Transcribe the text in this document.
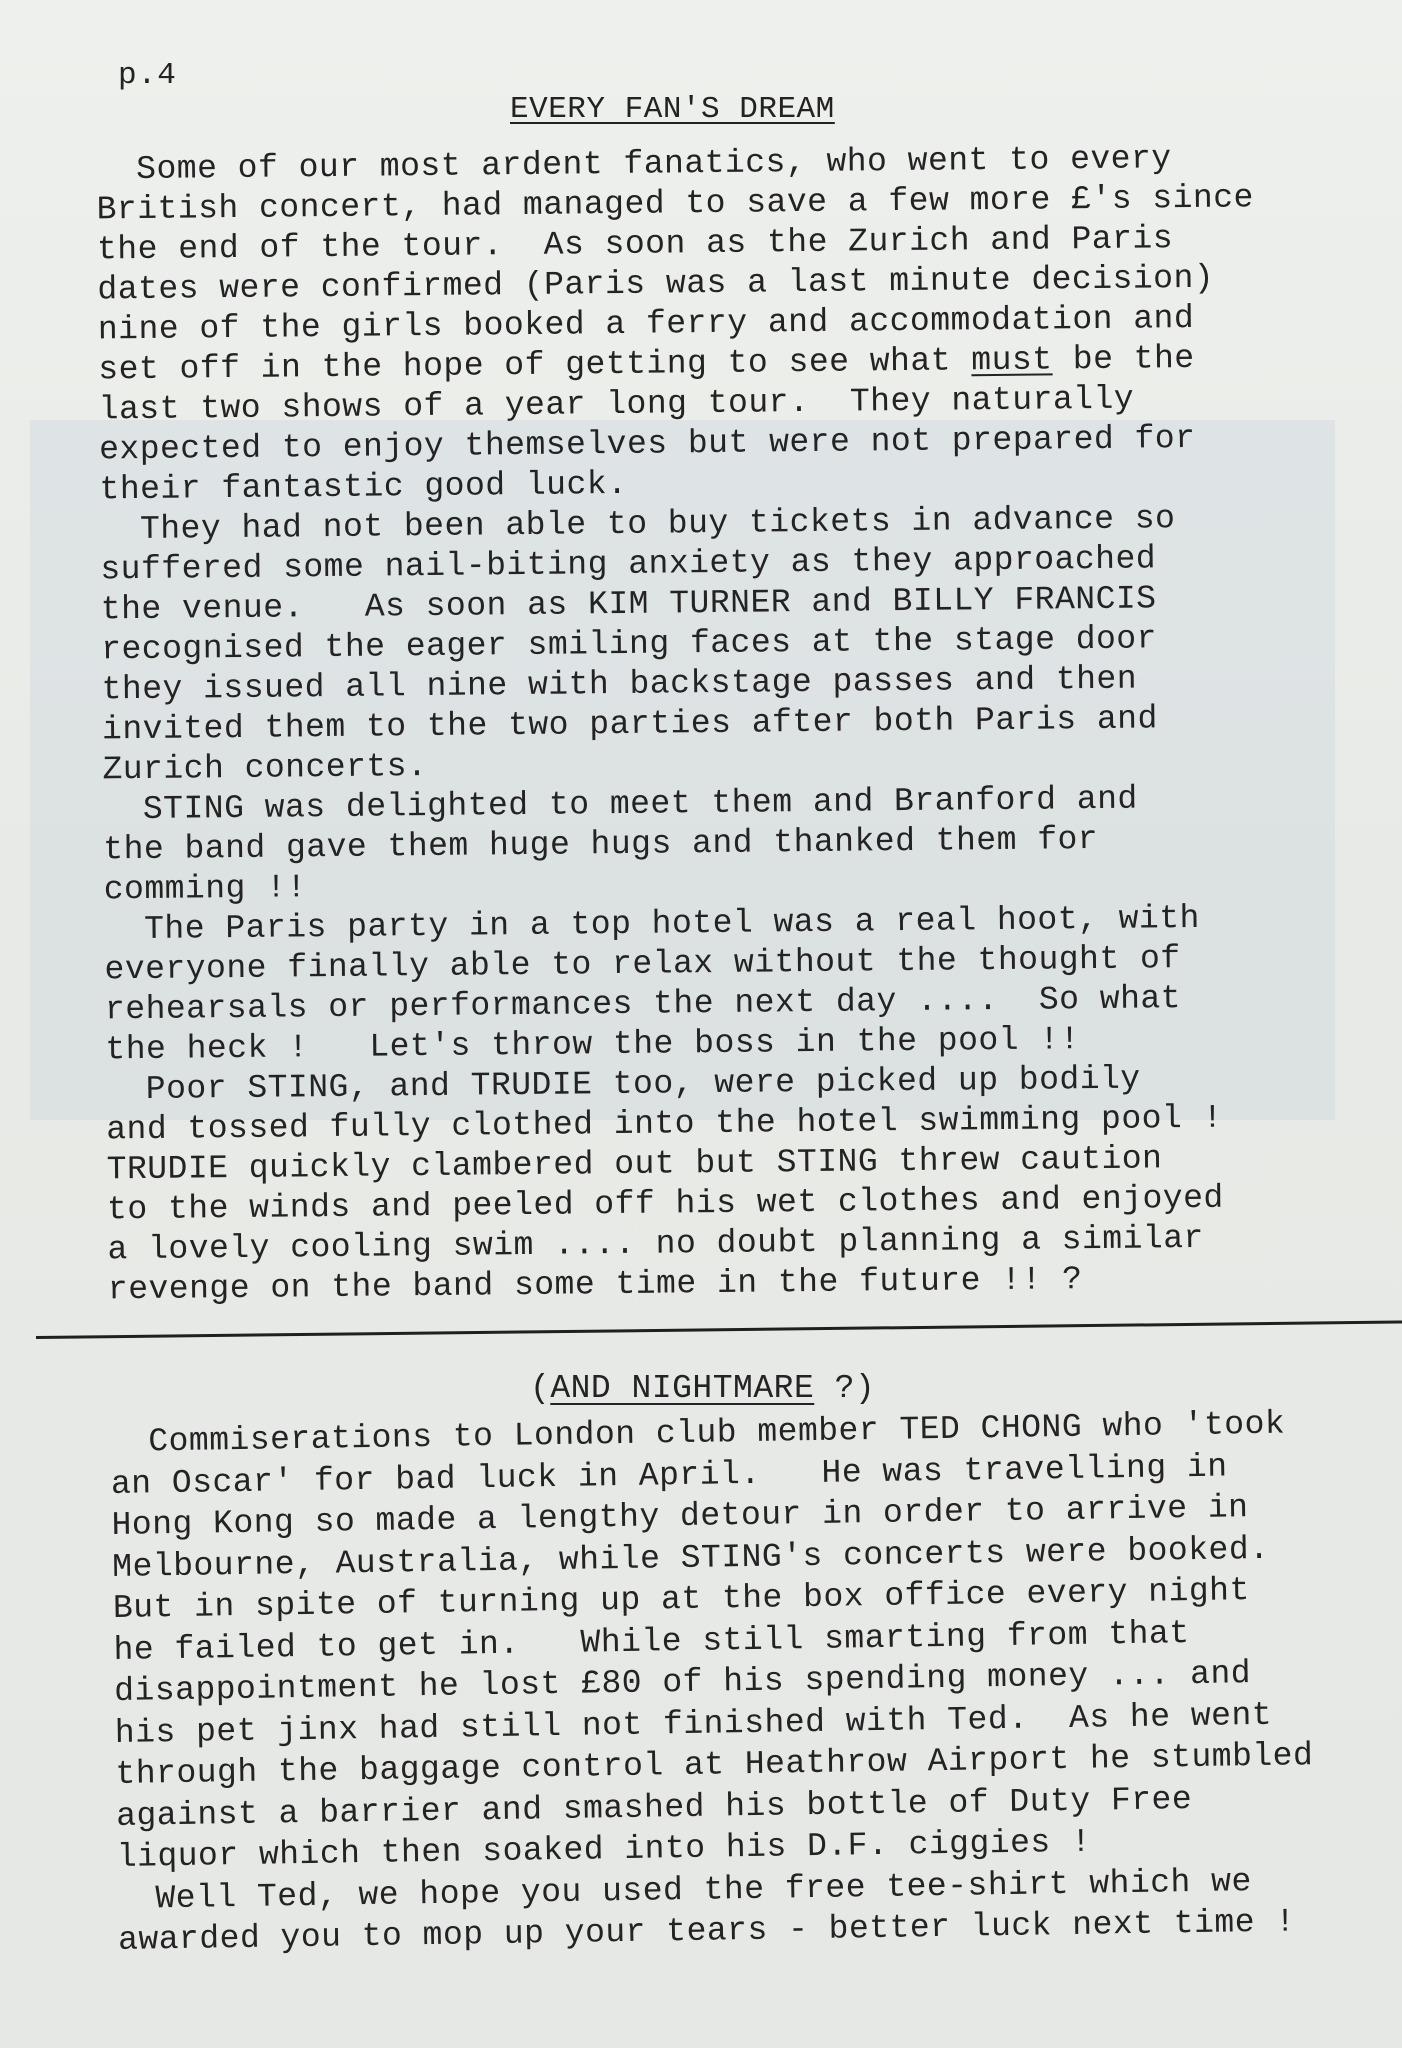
p.4
EVERY FAN'S DREAM
Some of our most ardent fanatics, who went to every
British concert, had managed to save a few more £'s since
the end of the tour.  As soon as the Zurich and Paris
dates were confirmed (Paris was a last minute decision)
nine of the girls booked a ferry and accommodation and
set off in the hope of getting to see what must be the
last two shows of a year long tour.  They naturally
expected to enjoy themselves but were not prepared for
their fantastic good luck.
They had not been able to buy tickets in advance so
suffered some nail-biting anxiety as they approached
the venue.   As soon as KIM TURNER and BILLY FRANCIS
recognised the eager smiling faces at the stage door
they issued all nine with backstage passes and then
invited them to the two parties after both Paris and
Zurich concerts.
STING was delighted to meet them and Branford and
the band gave them huge hugs and thanked them for
comming !!
The Paris party in a top hotel was a real hoot, with
everyone finally able to relax without the thought of
rehearsals or performances the next day ....  So what
the heck !   Let's throw the boss in the pool !!
Poor STING, and TRUDIE too, were picked up bodily
and tossed fully clothed into the hotel swimming pool !
TRUDIE quickly clambered out but STING threw caution
to the winds and peeled off his wet clothes and enjoyed
a lovely cooling swim .... no doubt planning a similar
revenge on the band some time in the future !! ?
(AND NIGHTMARE ?)
Commiserations to London club member TED CHONG who 'took
an Oscar' for bad luck in April.   He was travelling in
Hong Kong so made a lengthy detour in order to arrive in
Melbourne, Australia, while STING's concerts were booked.
But in spite of turning up at the box office every night
he failed to get in.   While still smarting from that
disappointment he lost £80 of his spending money ... and
his pet jinx had still not finished with Ted.  As he went
through the baggage control at Heathrow Airport he stumbled
against a barrier and smashed his bottle of Duty Free
liquor which then soaked into his D.F. ciggies !
Well Ted, we hope you used the free tee-shirt which we
awarded you to mop up your tears - better luck next time !
